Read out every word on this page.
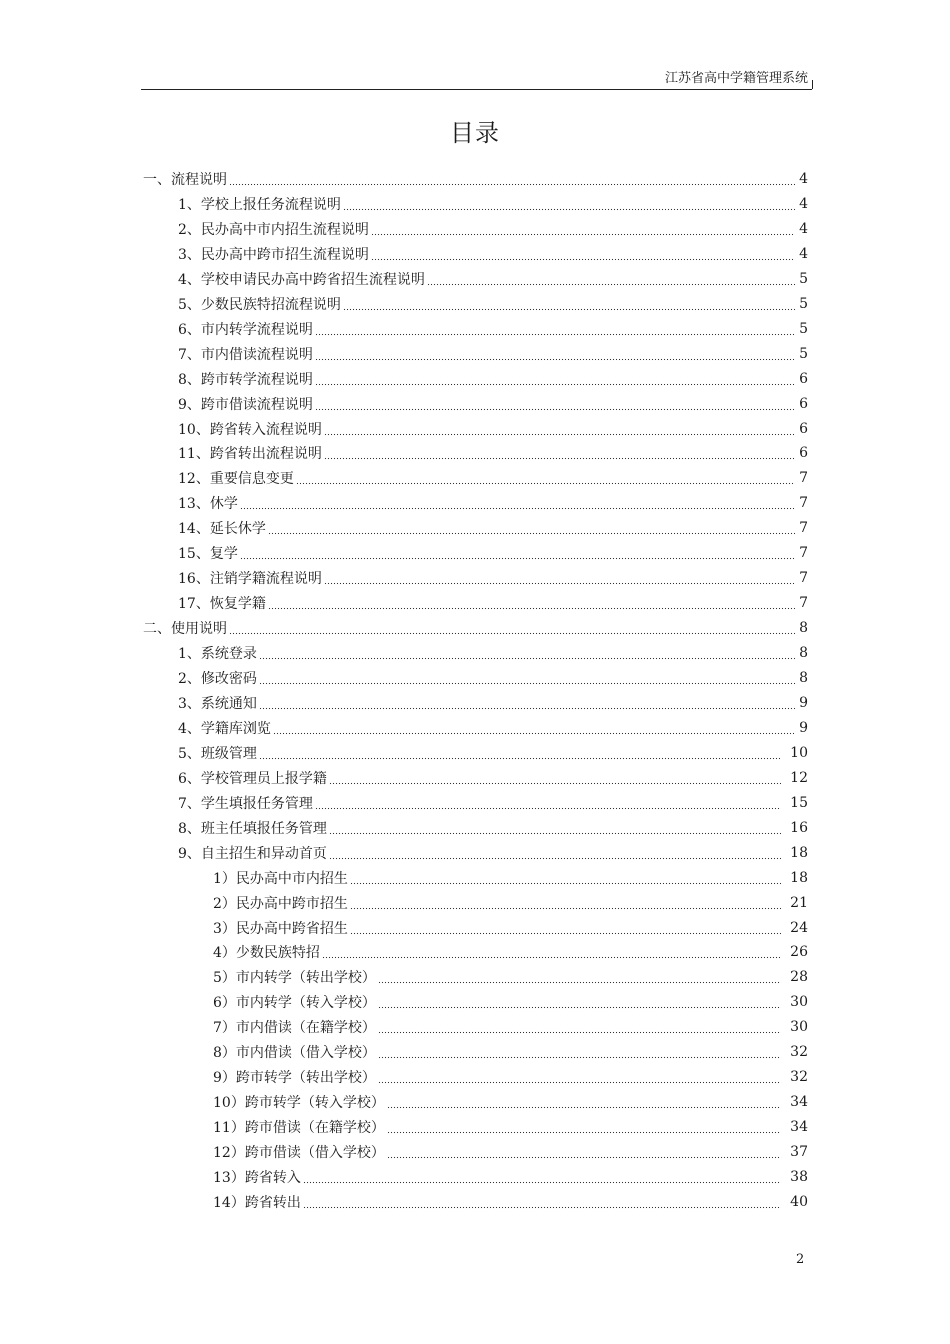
江苏省高中学籍管理系统
目录
一、流程说明	4
1、学校上报任务流程说明	4
2、民办高中市内招生流程说明	4
3、民办高中跨市招生流程说明	4
4、学校申请民办高中跨省招生流程说明	5
5、少数民族特招流程说明	5
6、市内转学流程说明	5
7、市内借读流程说明	5
8、跨市转学流程说明	6
9、跨市借读流程说明	6
10、跨省转入流程说明	6
11、跨省转出流程说明	6
12、重要信息变更	7
13、休学	7
14、延长休学	7
15、复学	7
16、注销学籍流程说明	7
17、恢复学籍	7
二、使用说明	8
1、系统登录	8
2、修改密码	8
3、系统通知	9
4、学籍库浏览	9
5、班级管理	10
6、学校管理员上报学籍	12
7、学生填报任务管理	15
8、班主任填报任务管理	16
9、自主招生和异动首页	18
1）民办高中市内招生	18
2）民办高中跨市招生	21
3）民办高中跨省招生	24
4）少数民族特招	26
5）市内转学（转出学校）	28
6）市内转学（转入学校）	30
7）市内借读（在籍学校）	30
8）市内借读（借入学校）	32
9）跨市转学（转出学校）	32
10）跨市转学（转入学校）	34
11）跨市借读（在籍学校）	34
12）跨市借读（借入学校）	37
13）跨省转入	38
14）跨省转出	40
2
